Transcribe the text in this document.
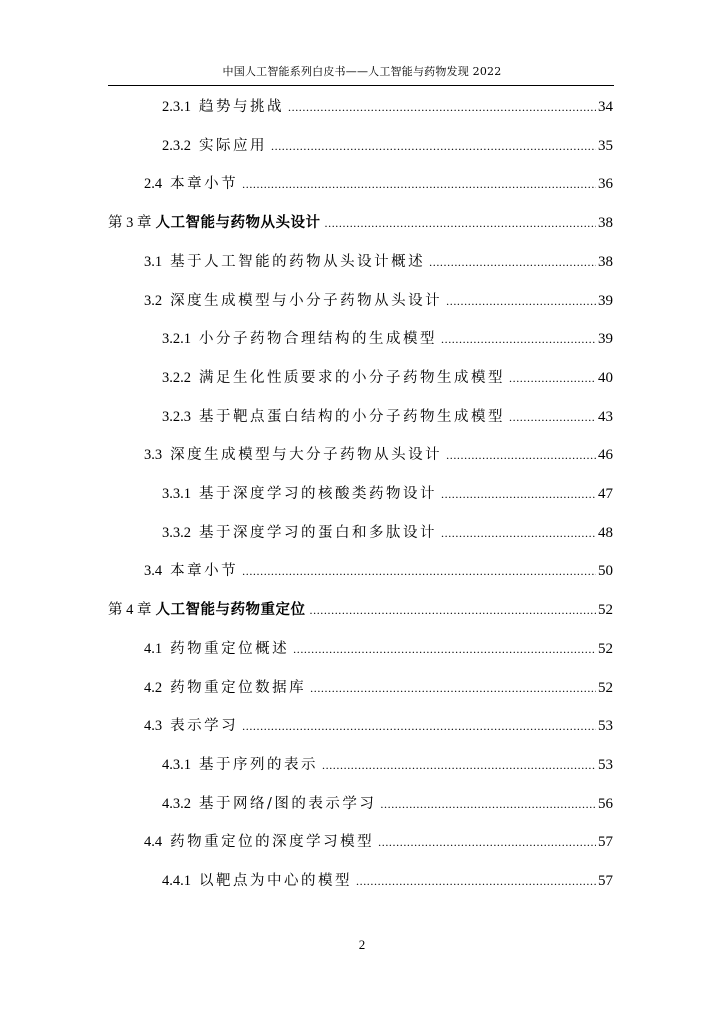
中国人工智能系列白皮书——人工智能与药物发现 2022
2.3.1 趋势与挑战 .....	34
2.3.2 实际应用 .....	35
2.4 本章小节 .....	36
第 3 章 人工智能与药物从头设计 .....	38
3.1 基于人工智能的药物从头设计概述 .....	38
3.2 深度生成模型与小分子药物从头设计 .....	39
3.2.1 小分子药物合理结构的生成模型 .....	39
3.2.2 满足生化性质要求的小分子药物生成模型 .....	40
3.2.3 基于靶点蛋白结构的小分子药物生成模型 .....	43
3.3 深度生成模型与大分子药物从头设计 .....	46
3.3.1 基于深度学习的核酸类药物设计 .....	47
3.3.2 基于深度学习的蛋白和多肽设计 .....	48
3.4 本章小节 .....	50
第 4 章 人工智能与药物重定位 .....	52
4.1 药物重定位概述 .....	52
4.2 药物重定位数据库 .....	52
4.3 表示学习 .....	53
4.3.1 基于序列的表示 .....	53
4.3.2 基于网络/图的表示学习 .....	56
4.4 药物重定位的深度学习模型 .....	57
4.4.1 以靶点为中心的模型 .....	57
2
